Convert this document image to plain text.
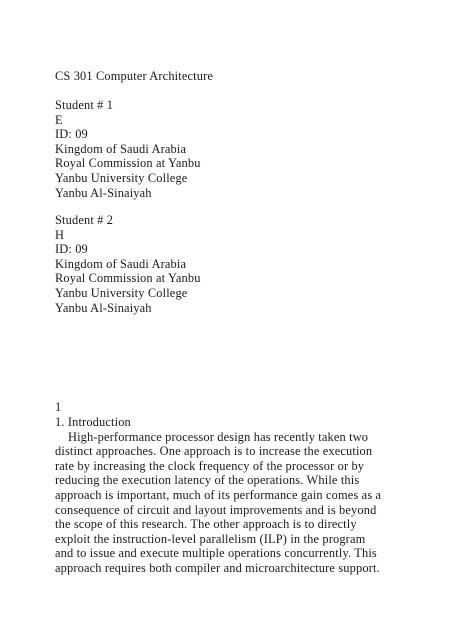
CS 301 Computer Architecture
Student # 1
E
ID: 09
Kingdom of Saudi Arabia
Royal Commission at Yanbu
Yanbu University College
Yanbu Al-Sinaiyah
Student # 2
H
ID: 09
Kingdom of Saudi Arabia
Royal Commission at Yanbu
Yanbu University College
Yanbu Al-Sinaiyah
1
1. Introduction
High-performance processor design has recently taken two
distinct approaches. One approach is to increase the execution
rate by increasing the clock frequency of the processor or by
reducing the execution latency of the operations. While this
approach is important, much of its performance gain comes as a
consequence of circuit and layout improvements and is beyond
the scope of this research. The other approach is to directly
exploit the instruction-level parallelism (ILP) in the program
and to issue and execute multiple operations concurrently. This
approach requires both compiler and microarchitecture support.
